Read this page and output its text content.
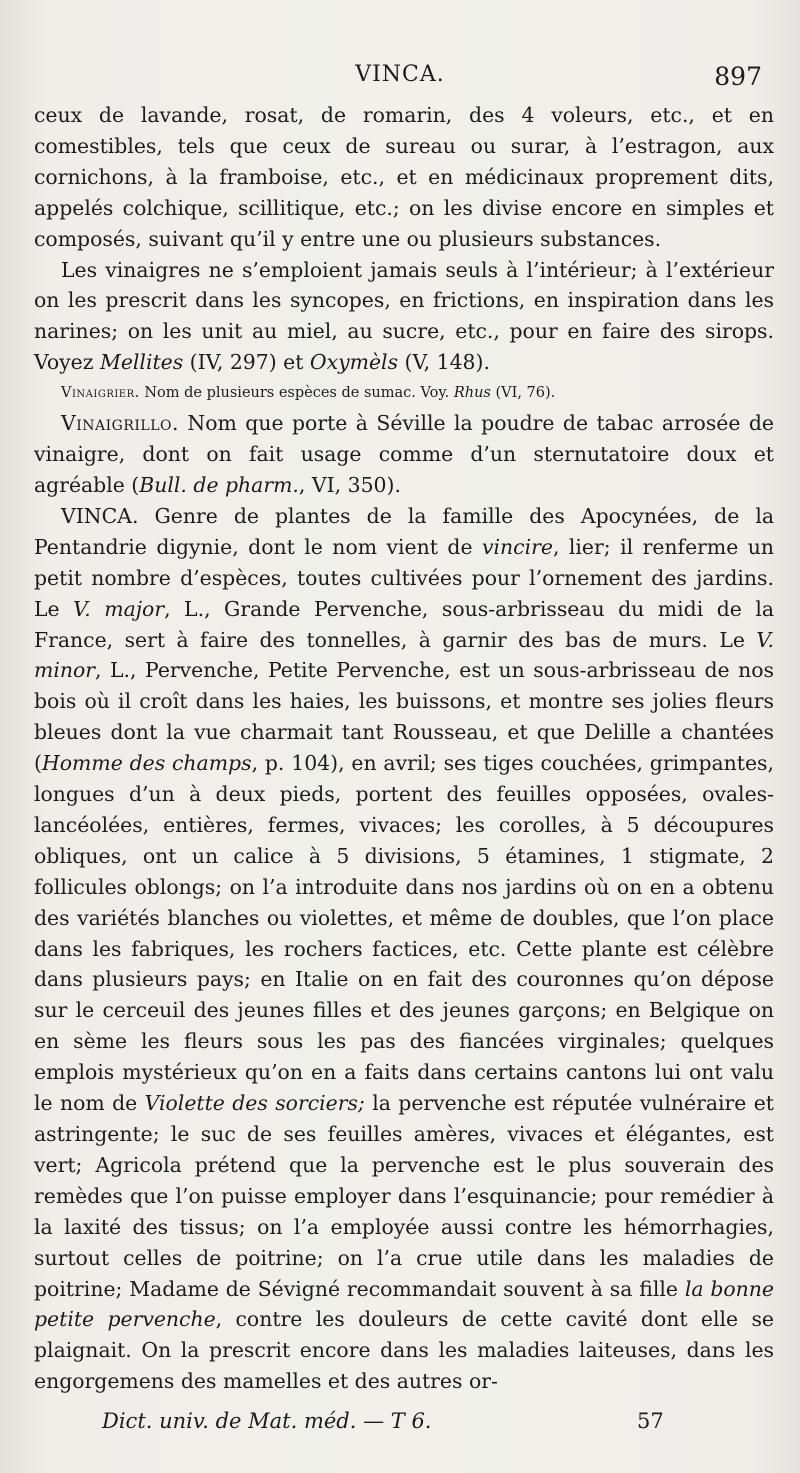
VINCA.	897

ceux de lavande, rosat, de romarin, des 4 voleurs, etc., et en comestibles, tels que ceux de sureau ou surar, à l’estragon, aux cornichons, à la framboise, etc., et en médicinaux proprement dits, appelés colchique, scillitique, etc.; on les divise encore en simples et composés, suivant qu’il y entre une ou plusieurs substances.

Les vinaigres ne s’emploient jamais seuls à l’intérieur; à l’extérieur on les prescrit dans les syncopes, en frictions, en inspiration dans les narines; on les unit au miel, au sucre, etc., pour en faire des sirops. Voyez Mellites (IV, 297) et Oxymèls (V, 148).

Vinaigrier. Nom de plusieurs espèces de sumac. Voy. Rhus (VI, 76).

Vinaigrillo. Nom que porte à Séville la poudre de tabac arrosée de vinaigre, dont on fait usage comme d’un sternutatoire doux et agréable (Bull. de pharm., VI, 350).

VINCA. Genre de plantes de la famille des Apocynées, de la Pentandrie digynie, dont le nom vient de vincire, lier; il renferme un petit nombre d’espèces, toutes cultivées pour l’ornement des jardins. Le V. major, L., Grande Pervenche, sous-arbrisseau du midi de la France, sert à faire des tonnelles, à garnir des bas de murs. Le V. minor, L., Pervenche, Petite Pervenche, est un sous-arbrisseau de nos bois où il croît dans les haies, les buissons, et montre ses jolies fleurs bleues dont la vue charmait tant Rousseau, et que Delille a chantées (Homme des champs, p. 104), en avril; ses tiges couchées, grimpantes, longues d’un à deux pieds, portent des feuilles opposées, ovales-lancéolées, entières, fermes, vivaces; les corolles, à 5 découpures obliques, ont un calice à 5 divisions, 5 étamines, 1 stigmate, 2 follicules oblongs; on l’a introduite dans nos jardins où on en a obtenu des variétés blanches ou violettes, et même de doubles, que l’on place dans les fabriques, les rochers factices, etc. Cette plante est célèbre dans plusieurs pays; en Italie on en fait des couronnes qu’on dépose sur le cerceuil des jeunes filles et des jeunes garçons; en Belgique on en sème les fleurs sous les pas des fiancées virginales; quelques emplois mystérieux qu’on en a faits dans certains cantons lui ont valu le nom de Violette des sorciers; la pervenche est réputée vulnéraire et astringente; le suc de ses feuilles amères, vivaces et élégantes, est vert; Agricola prétend que la pervenche est le plus souverain des remèdes que l’on puisse employer dans l’esquinancie; pour remédier à la laxité des tissus; on l’a employée aussi contre les hémorrhagies, surtout celles de poitrine; on l’a crue utile dans les maladies de poitrine; Madame de Sévigné recommandait souvent à sa fille la bonne petite pervenche, contre les douleurs de cette cavité dont elle se plaignait. On la prescrit encore dans les maladies laiteuses, dans les engorgemens des mamelles et des autres or-

Dict. univ. de Mat. méd. — T 6.	57
